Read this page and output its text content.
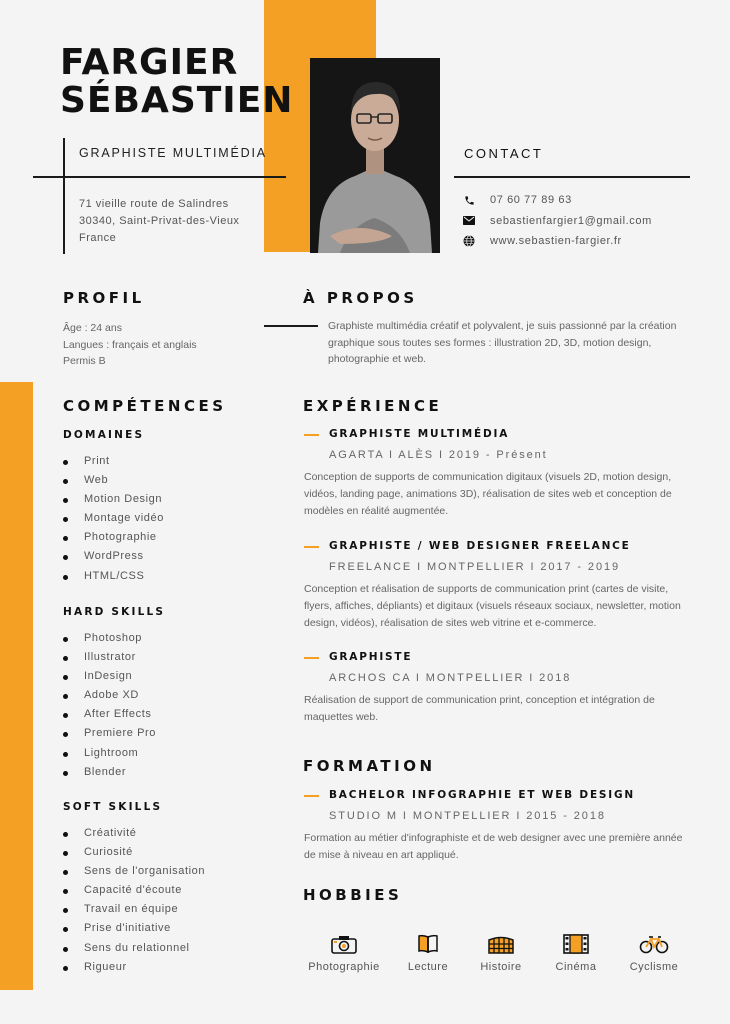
FARGIER
SÉBASTIEN
GRAPHISTE MULTIMÉDIA
71 vieille route de Salindres
30340, Saint-Privat-des-Vieux
France
CONTACT
07 60 77 89 63
sebastienfargier1@gmail.com
www.sebastien-fargier.fr
PROFIL
Âge : 24 ans
Langues : français et anglais
Permis B
À PROPOS
Graphiste multimédia créatif et polyvalent, je suis passionné par la création graphique sous toutes ses formes : illustration 2D, 3D, motion design, photographie et web.
COMPÉTENCES
DOMAINES
Print
Web
Motion Design
Montage vidéo
Photographie
WordPress
HTML/CSS
HARD SKILLS
Photoshop
Illustrator
InDesign
Adobe XD
After Effects
Premiere Pro
Lightroom
Blender
SOFT SKILLS
Créativité
Curiosité
Sens de l'organisation
Capacité d'écoute
Travail en équipe
Prise d'initiative
Sens du relationnel
Rigueur
EXPÉRIENCE
GRAPHISTE MULTIMÉDIA
AGARTA I ALÈS I 2019 - Présent
Conception de supports de communication digitaux (visuels 2D, motion design, vidéos, landing page, animations 3D), réalisation de sites web et conception de modèles en réalité augmentée.
GRAPHISTE / WEB DESIGNER FREELANCE
FREELANCE I MONTPELLIER I 2017 - 2019
Conception et réalisation de supports de communication print (cartes de visite, flyers, affiches, dépliants) et digitaux (visuels réseaux sociaux, newsletter, motion design, vidéos), réalisation de sites web vitrine et e-commerce.
GRAPHISTE
ARCHOS CA I MONTPELLIER I 2018
Réalisation de support de communication print, conception et intégration de maquettes web.
FORMATION
BACHELOR INFOGRAPHIE ET WEB DESIGN
STUDIO M I MONTPELLIER I 2015 - 2018
Formation au métier d'infographiste et de web designer avec une première année de mise à niveau en art appliqué.
HOBBIES
Photographie	Lecture	Histoire	Cinéma	Cyclisme
